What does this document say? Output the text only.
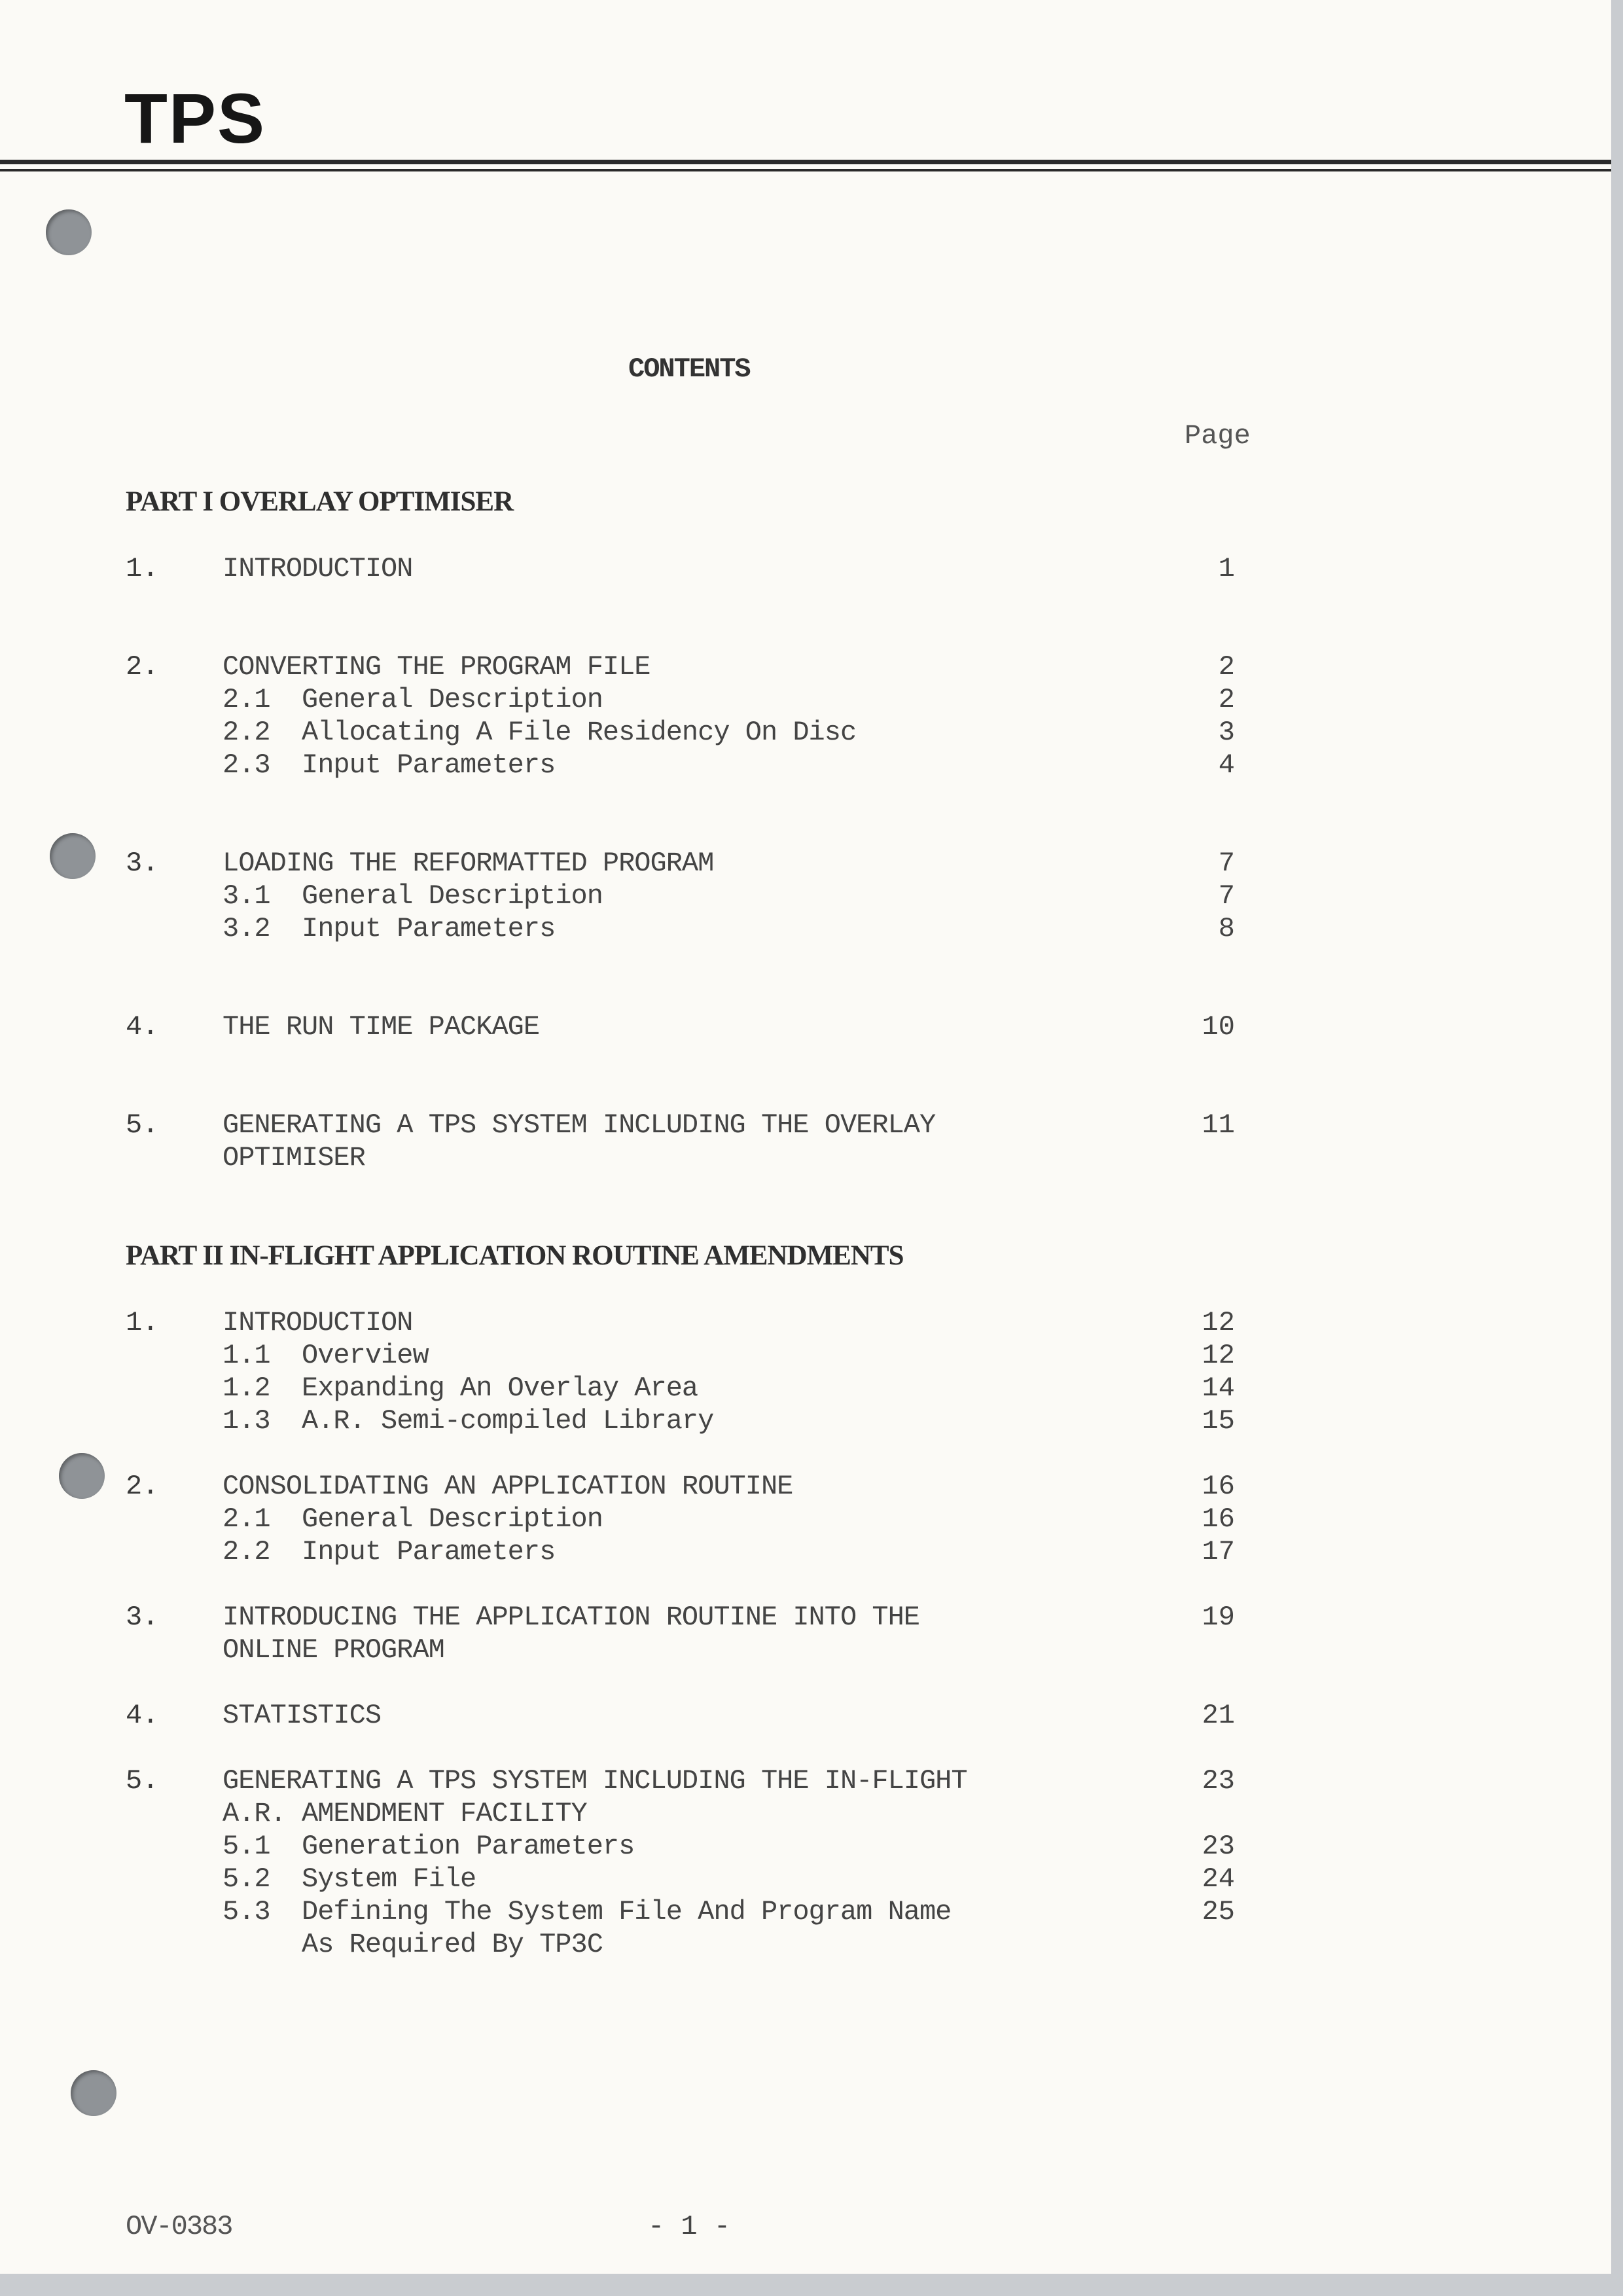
TPS
CONTENTS
Page
PART I OVERLAY OPTIMISER
1. INTRODUCTION	1
2. CONVERTING THE PROGRAM FILE	2
2.1  General Description	2
2.2  Allocating A File Residency On Disc	3
2.3  Input Parameters	4
3. LOADING THE REFORMATTED PROGRAM	7
3.1  General Description	7
3.2  Input Parameters	8
4. THE RUN TIME PACKAGE	10
5. GENERATING A TPS SYSTEM INCLUDING THE OVERLAY	11
OPTIMISER
PART II IN-FLIGHT APPLICATION ROUTINE AMENDMENTS
1. INTRODUCTION	12
1.1  Overview	12
1.2  Expanding An Overlay Area	14
1.3  A.R. Semi-compiled Library	15
2. CONSOLIDATING AN APPLICATION ROUTINE	16
2.1  General Description	16
2.2  Input Parameters	17
3. INTRODUCING THE APPLICATION ROUTINE INTO THE	19
ONLINE PROGRAM
4. STATISTICS	21
5. GENERATING A TPS SYSTEM INCLUDING THE IN-FLIGHT	23
A.R. AMENDMENT FACILITY
5.1  Generation Parameters	23
5.2  System File	24
5.3  Defining The System File And Program Name	25
As Required By TP3C
OV-0383	- 1 -
